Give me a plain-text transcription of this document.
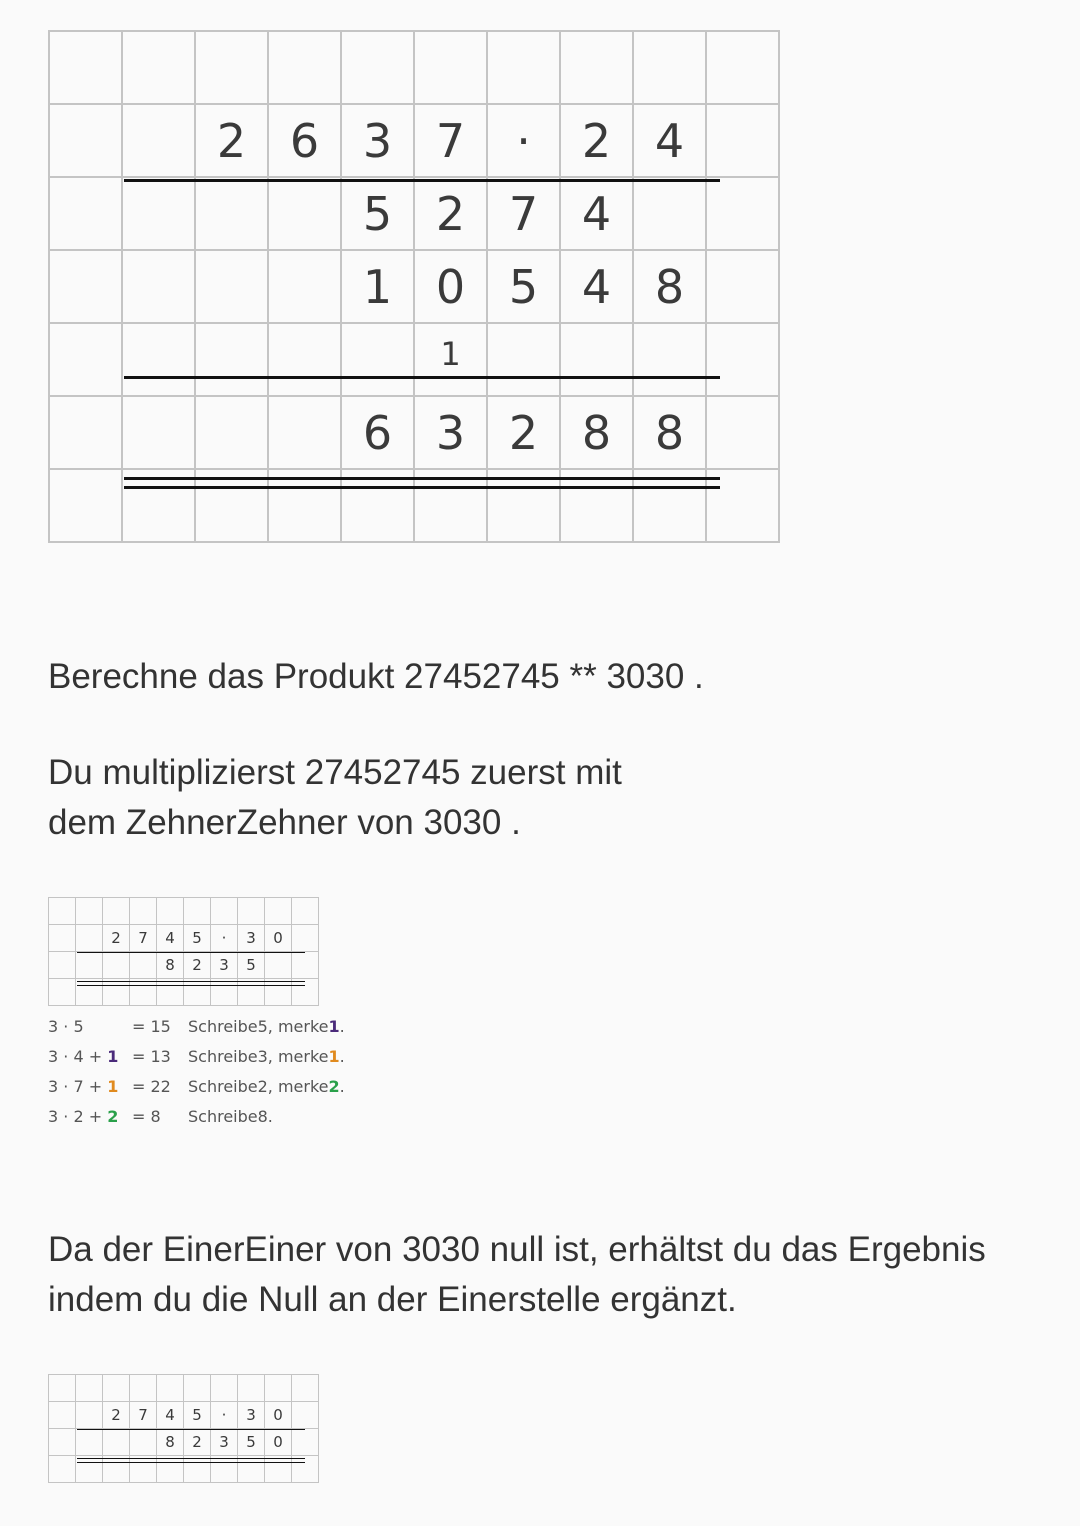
		2	6	3	7	·	2	4	
				5	2	7	4		
				1	0	5	4	8	
					1				
				6	3	2	8	8	

Berechne das Produkt 27452745 ** 3030 .

Du multiplizierst 27452745 zuerst mit
dem ZehnerZehner von 3030 .

		2	7	4	5	·	3	0	
				8	2	3	5		

3 · 5	= 15 Schreibe5, merke1.
3 · 4 + 1 = 13 Schreibe3, merke1.
3 · 7 + 1 = 22 Schreibe2, merke2.
3 · 2 + 2 = 8 Schreibe8.

Da der EinerEiner von 3030 null ist, erhältst du das Ergebnis
indem du die Null an der Einerstelle ergänzt.

		2	7	4	5	·	3	0	
				8	2	3	5	0	
